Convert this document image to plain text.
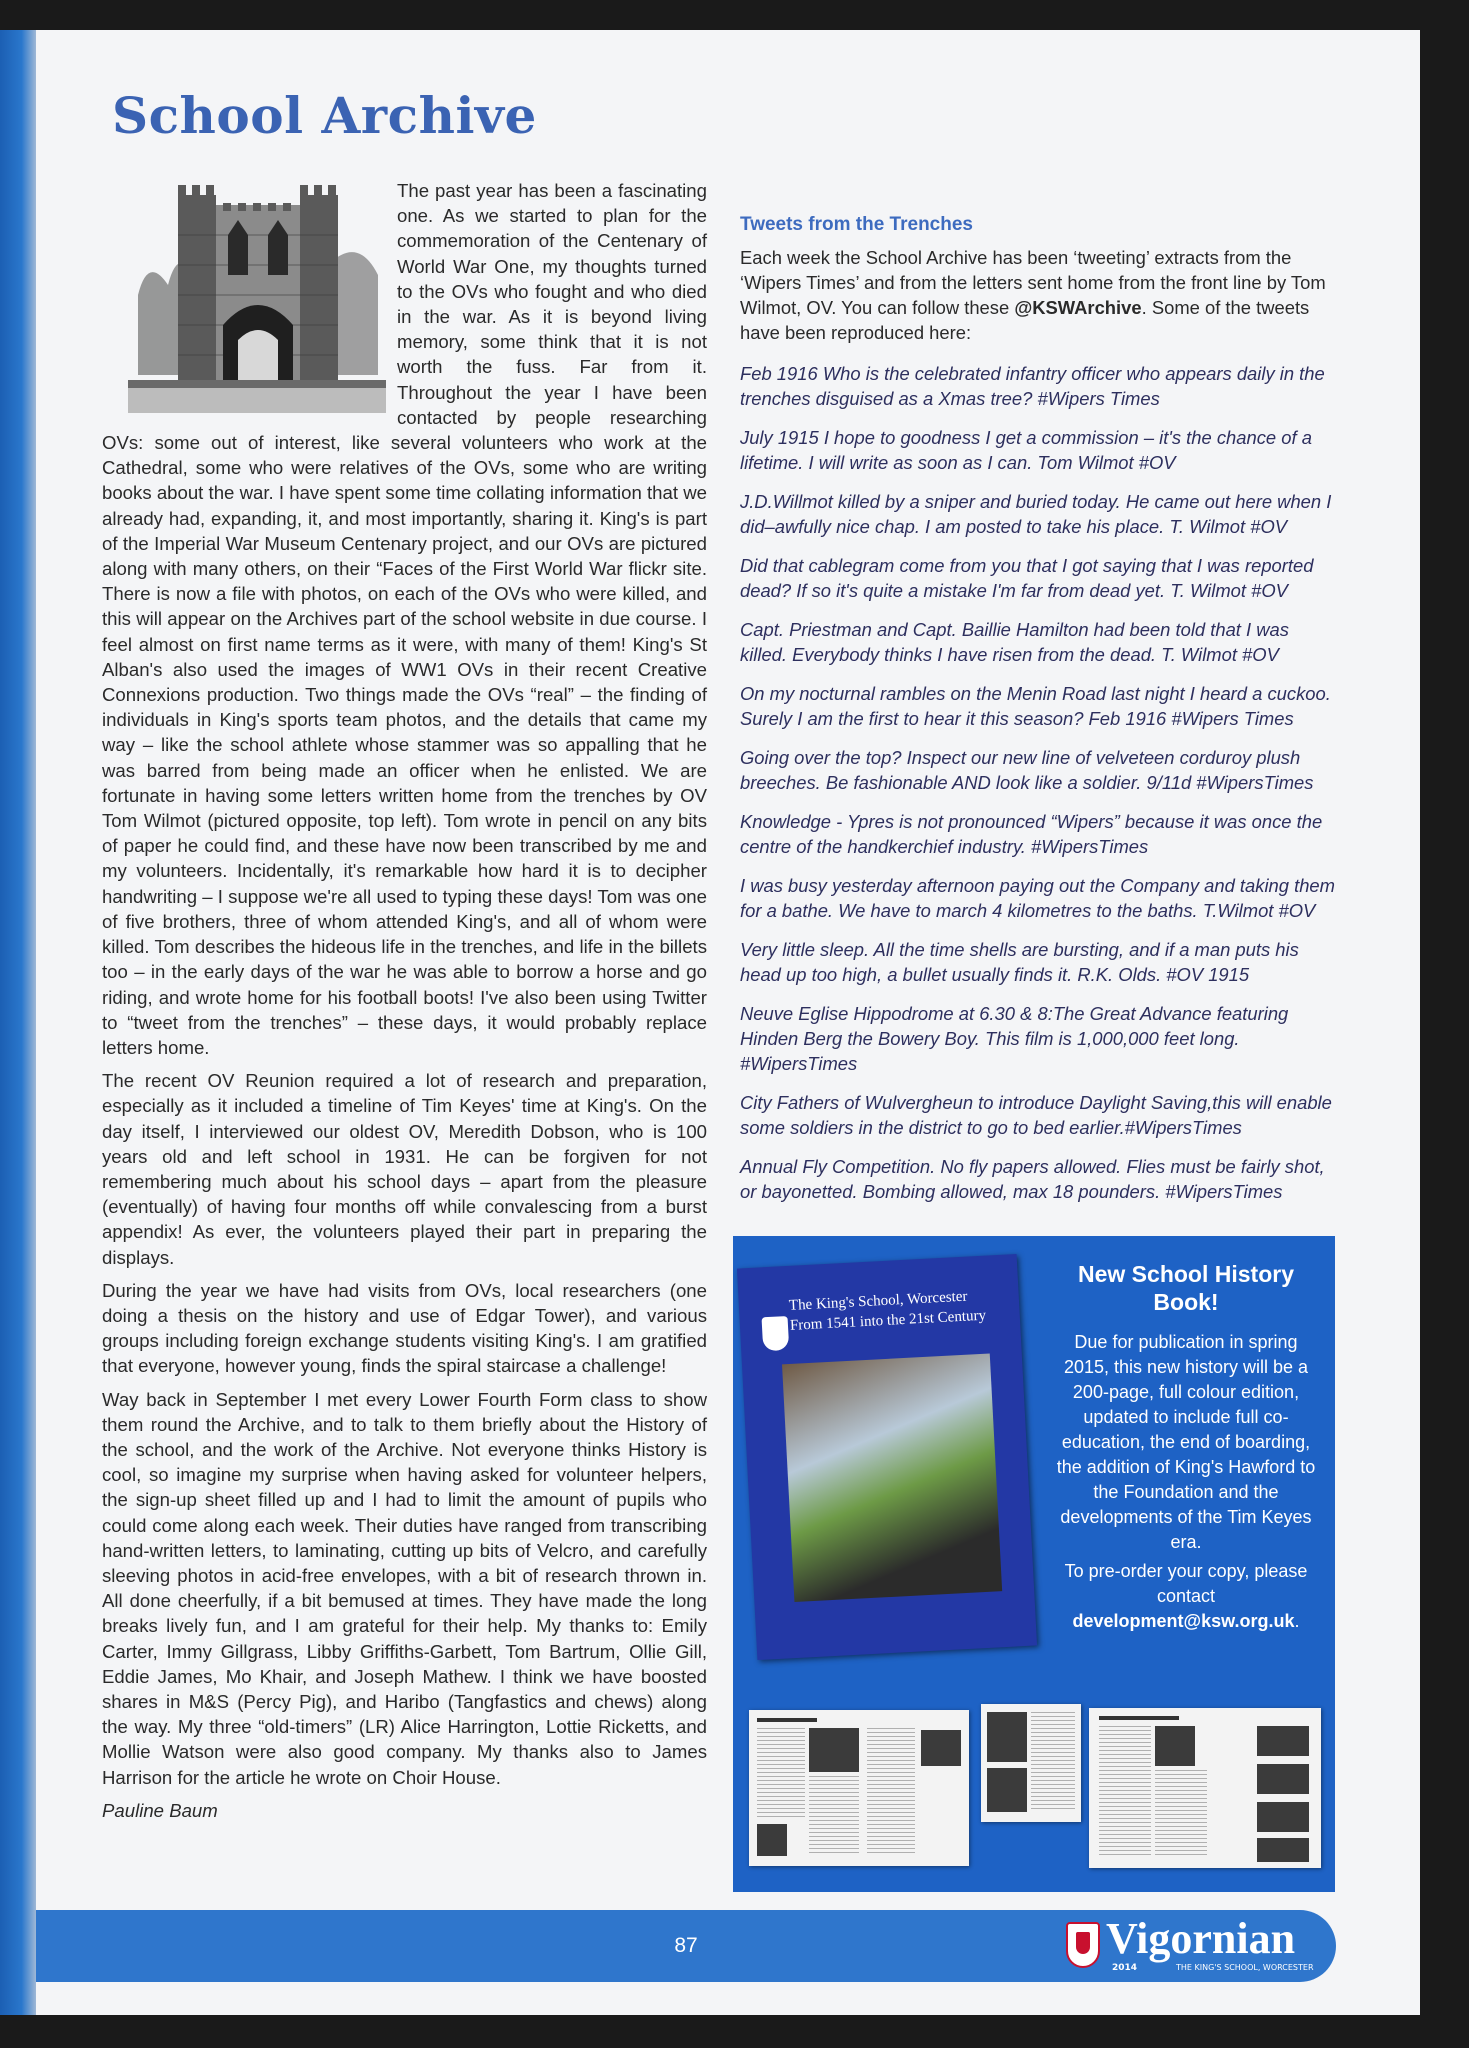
School Archive

The past year has been a fascinating one. As we started to plan for the commemoration of the Centenary of World War One, my thoughts turned to the OVs who fought and who died in the war. As it is beyond living memory, some think that it is not worth the fuss. Far from it. Throughout the year I have been contacted by people researching OVs: some out of interest, like several volunteers who work at the Cathedral, some who were relatives of the OVs, some who are writing books about the war. I have spent some time collating information that we already had, expanding, it, and most importantly, sharing it. King's is part of the Imperial War Museum Centenary project, and our OVs are pictured along with many others, on their “Faces of the First World War flickr site. There is now a file with photos, on each of the OVs who were killed, and this will appear on the Archives part of the school website in due course. I feel almost on first name terms as it were, with many of them! King's St Alban's also used the images of WW1 OVs in their recent Creative Connexions production. Two things made the OVs “real” – the finding of individuals in King's sports team photos, and the details that came my way – like the school athlete whose stammer was so appalling that he was barred from being made an officer when he enlisted. We are fortunate in having some letters written home from the trenches by OV Tom Wilmot (pictured opposite, top left). Tom wrote in pencil on any bits of paper he could find, and these have now been transcribed by me and my volunteers. Incidentally, it's remarkable how hard it is to decipher handwriting – I suppose we're all used to typing these days! Tom was one of five brothers, three of whom attended King's, and all of whom were killed. Tom describes the hideous life in the trenches, and life in the billets too – in the early days of the war he was able to borrow a horse and go riding, and wrote home for his football boots! I've also been using Twitter to “tweet from the trenches” – these days, it would probably replace letters home.

The recent OV Reunion required a lot of research and preparation, especially as it included a timeline of Tim Keyes' time at King's. On the day itself, I interviewed our oldest OV, Meredith Dobson, who is 100 years old and left school in 1931. He can be forgiven for not remembering much about his school days – apart from the pleasure (eventually) of having four months off while convalescing from a burst appendix! As ever, the volunteers played their part in preparing the displays.

During the year we have had visits from OVs, local researchers (one doing a thesis on the history and use of Edgar Tower), and various groups including foreign exchange students visiting King's. I am gratified that everyone, however young, finds the spiral staircase a challenge!

Way back in September I met every Lower Fourth Form class to show them round the Archive, and to talk to them briefly about the History of the school, and the work of the Archive. Not everyone thinks History is cool, so imagine my surprise when having asked for volunteer helpers, the sign-up sheet filled up and I had to limit the amount of pupils who could come along each week. Their duties have ranged from transcribing hand-written letters, to laminating, cutting up bits of Velcro, and carefully sleeving photos in acid-free envelopes, with a bit of research thrown in. All done cheerfully, if a bit bemused at times. They have made the long breaks lively fun, and I am grateful for their help. My thanks to: Emily Carter, Immy Gillgrass, Libby Griffiths-Garbett, Tom Bartrum, Ollie Gill, Eddie James, Mo Khair, and Joseph Mathew. I think we have boosted shares in M&S (Percy Pig), and Haribo (Tangfastics and chews) along the way. My three “old-timers” (LR) Alice Harrington, Lottie Ricketts, and Mollie Watson were also good company. My thanks also to James Harrison for the article he wrote on Choir House.

Pauline Baum

Tweets from the Trenches

Each week the School Archive has been ‘tweeting’ extracts from the ‘Wipers Times’ and from the letters sent home from the front line by Tom Wilmot, OV. You can follow these @KSWArchive. Some of the tweets have been reproduced here:

Feb 1916 Who is the celebrated infantry officer who appears daily in the trenches disguised as a Xmas tree? #Wipers Times

July 1915 I hope to goodness I get a commission – it's the chance of a lifetime. I will write as soon as I can. Tom Wilmot #OV

J.D.Willmot killed by a sniper and buried today. He came out here when I did–awfully nice chap. I am posted to take his place. T. Wilmot #OV

Did that cablegram come from you that I got saying that I was reported dead? If so it's quite a mistake I'm far from dead yet. T. Wilmot #OV

Capt. Priestman and Capt. Baillie Hamilton had been told that I was killed. Everybody thinks I have risen from the dead. T. Wilmot #OV

On my nocturnal rambles on the Menin Road last night I heard a cuckoo. Surely I am the first to hear it this season? Feb 1916 #Wipers Times

Going over the top? Inspect our new line of velveteen corduroy plush breeches. Be fashionable AND look like a soldier. 9/11d #WipersTimes

Knowledge - Ypres is not pronounced “Wipers” because it was once the centre of the handkerchief industry. #WipersTimes

I was busy yesterday afternoon paying out the Company and taking them for a bathe. We have to march 4 kilometres to the baths. T.Wilmot #OV

Very little sleep. All the time shells are bursting, and if a man puts his head up too high, a bullet usually finds it. R.K. Olds. #OV 1915

Neuve Eglise Hippodrome at 6.30 & 8:The Great Advance featuring Hinden Berg the Bowery Boy. This film is 1,000,000 feet long. #WipersTimes

City Fathers of Wulvergheun to introduce Daylight Saving,this will enable some soldiers in the district to go to bed earlier.#WipersTimes

Annual Fly Competition. No fly papers allowed. Flies must be fairly shot, or bayonetted. Bombing allowed, max 18 pounders. #WipersTimes

The King's School, Worcester
From 1541 into the 21st Century

New School History Book!

Due for publication in spring 2015, this new history will be a 200-page, full colour edition, updated to include full co-education, the end of boarding, the addition of King's Hawford to the Foundation and the developments of the Tim Keyes era.

To pre-order your copy, please contact

development@ksw.org.uk.

87	Vigornian
2014	THE KING'S SCHOOL, WORCESTER
